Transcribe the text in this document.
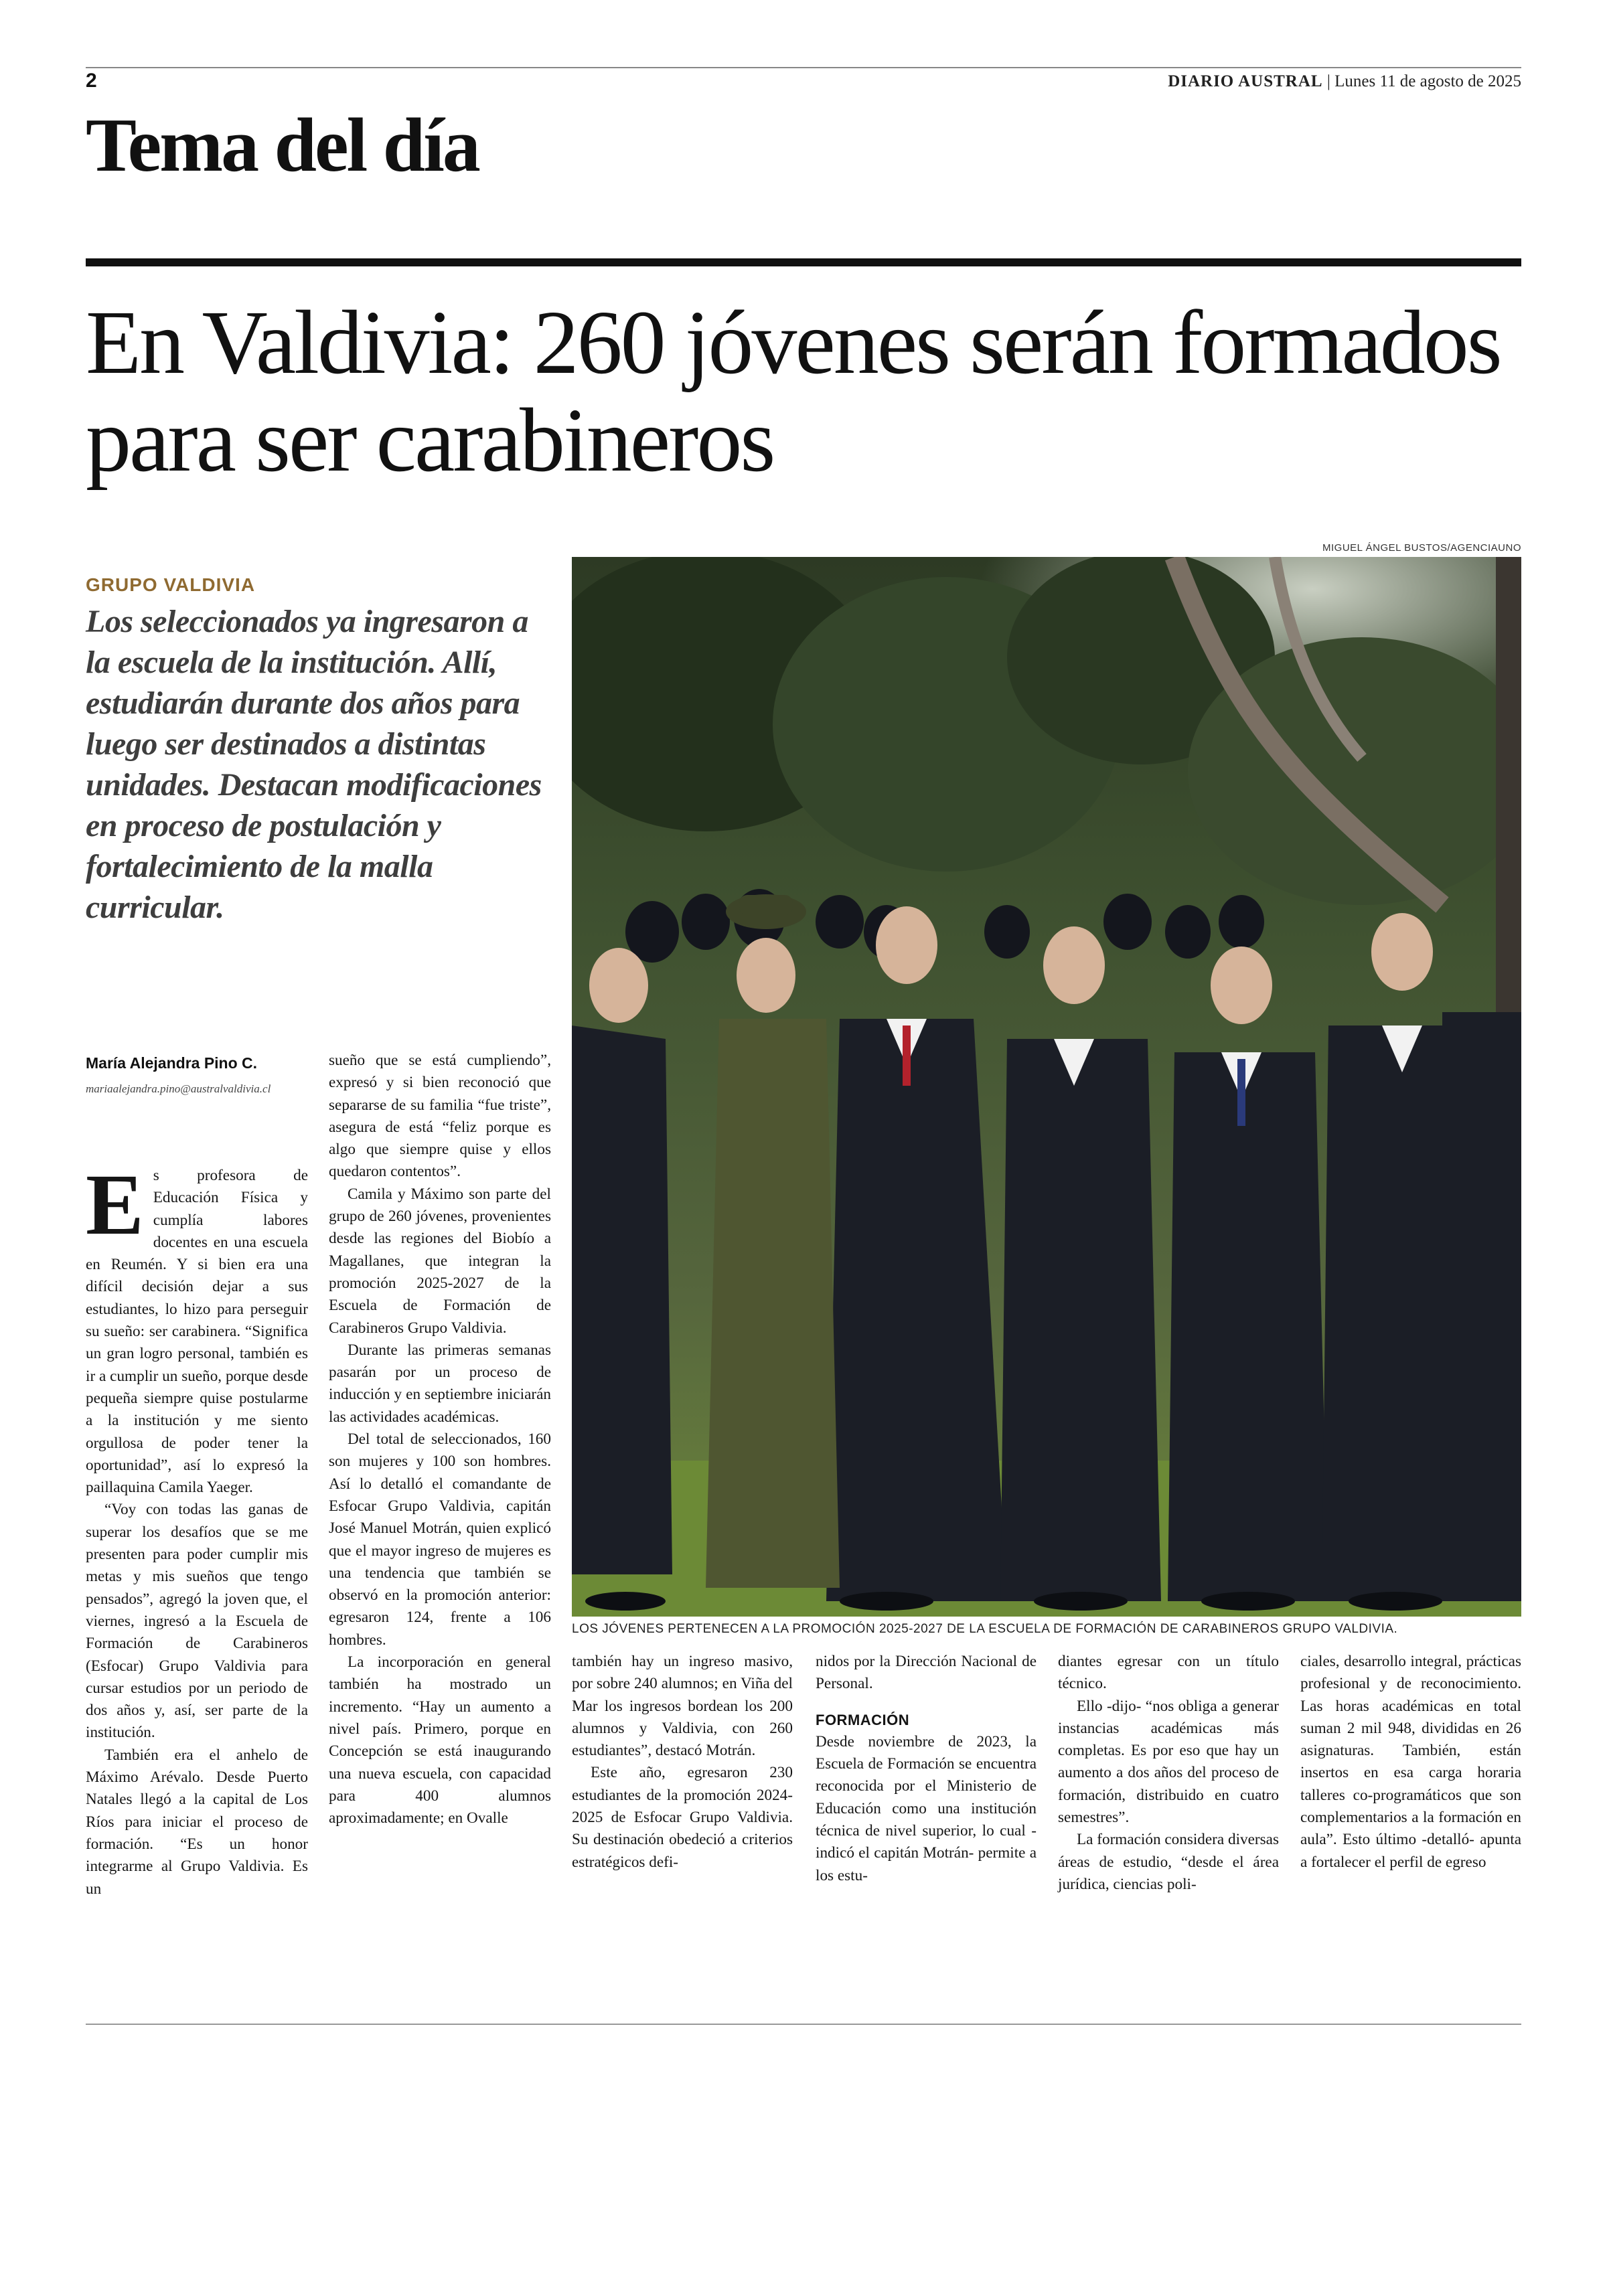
2	DIARIO AUSTRAL | Lunes 11 de agosto de 2025
Tema del día
En Valdivia: 260 jóvenes serán formados para ser carabineros
MIGUEL ÁNGEL BUSTOS/AGENCIAUNO
GRUPO VALDIVIA
Los seleccionados ya ingresaron a la escuela de la institución. Allí, estudiarán durante dos años para luego ser destinados a distintas unidades. Destacan modificaciones en proceso de postulación y fortalecimiento de la malla curricular.
María Alejandra Pino C.
mariaalejandra.pino@australvaldivia.cl
LOS JÓVENES PERTENECEN A LA PROMOCIÓN 2025-2027 DE LA ESCUELA DE FORMACIÓN DE CARABINEROS GRUPO VALDIVIA.

Es profesora de Educación Física y cumplía labores docentes en una escuela en Reumén. Y si bien era una difícil decisión dejar a sus estudiantes, lo hizo para perseguir su sueño: ser carabinera. “Significa un gran logro personal, también es ir a cumplir un sueño, porque desde pequeña siempre quise postularme a la institución y me siento orgullosa de poder tener la oportunidad”, así lo expresó la paillaquina Camila Yaeger.

“Voy con todas las ganas de superar los desafíos que se me presenten para poder cumplir mis metas y mis sueños que tengo pensados”, agregó la joven que, el viernes, ingresó a la Escuela de Formación de Carabineros (Esfocar) Grupo Valdivia para cursar estudios por un periodo de dos años y, así, ser parte de la institución.

También era el anhelo de Máximo Arévalo. Desde Puerto Natales llegó a la capital de Los Ríos para iniciar el proceso de formación. “Es un honor integrarme al Grupo Valdivia. Es un

sueño que se está cumpliendo”, expresó y si bien reconoció que separarse de su familia “fue triste”, asegura de está “feliz porque es algo que siempre quise y ellos quedaron contentos”.

Camila y Máximo son parte del grupo de 260 jóvenes, provenientes desde las regiones del Biobío a Magallanes, que integran la promoción 2025-2027 de la Escuela de Formación de Carabineros Grupo Valdivia.

Durante las primeras semanas pasarán por un proceso de inducción y en septiembre iniciarán las actividades académicas.

Del total de seleccionados, 160 son mujeres y 100 son hombres. Así lo detalló el comandante de Esfocar Grupo Valdivia, capitán José Manuel Motrán, quien explicó que el mayor ingreso de mujeres es una tendencia que también se observó en la promoción anterior: egresaron 124, frente a 106 hombres.

La incorporación en general también ha mostrado un incremento. “Hay un aumento a nivel país. Primero, porque en Concepción se está inaugurando una nueva escuela, con capacidad para 400 alumnos aproximadamente; en Ovalle

también hay un ingreso masivo, por sobre 240 alumnos; en Viña del Mar los ingresos bordean los 200 alumnos y Valdivia, con 260 estudiantes”, destacó Motrán.

Este año, egresaron 230 estudiantes de la promoción 2024-2025 de Esfocar Grupo Valdivia. Su destinación obedeció a criterios estratégicos defi-

nidos por la Dirección Nacional de Personal.

FORMACIÓN

Desde noviembre de 2023, la Escuela de Formación se encuentra reconocida por el Ministerio de Educación como una institución técnica de nivel superior, lo cual -indicó el capitán Motrán- permite a los estu-

diantes egresar con un título técnico.

Ello -dijo- “nos obliga a generar instancias académicas más completas. Es por eso que hay un aumento a dos años del proceso de formación, distribuido en cuatro semestres”.

La formación considera diversas áreas de estudio, “desde el área jurídica, ciencias poli-

ciales, desarrollo integral, prácticas profesional y de reconocimiento. Las horas académicas en total suman 2 mil 948, divididas en 26 asignaturas. También, están insertos en esa carga horaria talleres co-programáticos que son complementarios a la formación en aula”. Esto último -detalló- apunta a fortalecer el perfil de egreso
